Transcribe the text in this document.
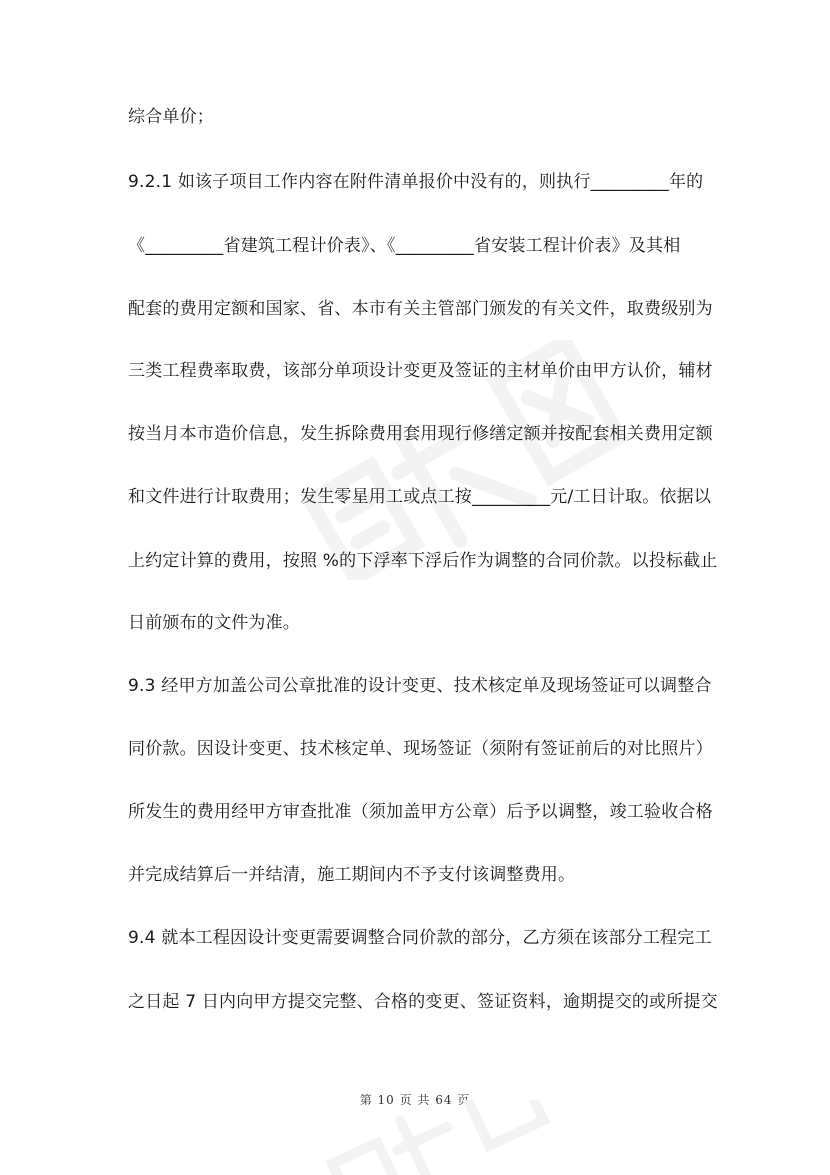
综合单价；

9.2.1 如该子项目工作内容在附件清单报价中没有的，则执行_________年的

《_________省建筑工程计价表》、《_________省安装工程计价表》及其相

配套的费用定额和国家、省、本市有关主管部门颁发的有关文件，取费级别为

三类工程费率取费，该部分单项设计变更及签证的主材单价由甲方认价，辅材

按当月本市造价信息，发生拆除费用套用现行修缮定额并按配套相关费用定额

和文件进行计取费用；发生零星用工或点工按_________元/工日计取。依据以

上约定计算的费用，按照 %的下浮率下浮后作为调整的合同价款。以投标截止

日前颁布的文件为准。

9.3 经甲方加盖公司公章批准的设计变更、技术核定单及现场签证可以调整合

同价款。因设计变更、技术核定单、现场签证（须附有签证前后的对比照片）

所发生的费用经甲方审查批准（须加盖甲方公章）后予以调整，竣工验收合格

并完成结算后一并结清，施工期间内不予支付该调整费用。

9.4 就本工程因设计变更需要调整合同价款的部分，乙方须在该部分工程完工

之日起 7 日内向甲方提交完整、合格的变更、签证资料，逾期提交的或所提交

第 10 页 共 64 页
